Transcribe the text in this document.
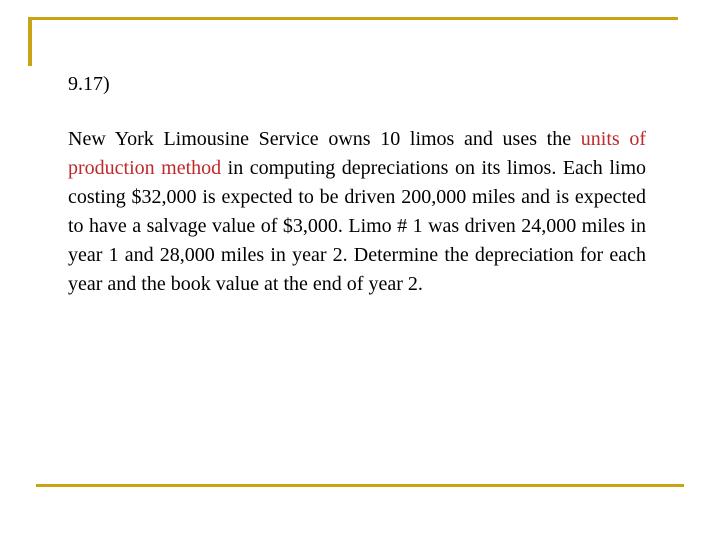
9.17)

New York Limousine Service owns 10 limos and uses the units of production method in computing depreciations on its limos. Each limo costing $32,000 is expected to be driven 200,000 miles and is expected to have a salvage value of $3,000. Limo # 1 was driven 24,000 miles in year 1 and 28,000 miles in year 2. Determine the depreciation for each year and the book value at the end of year 2.
